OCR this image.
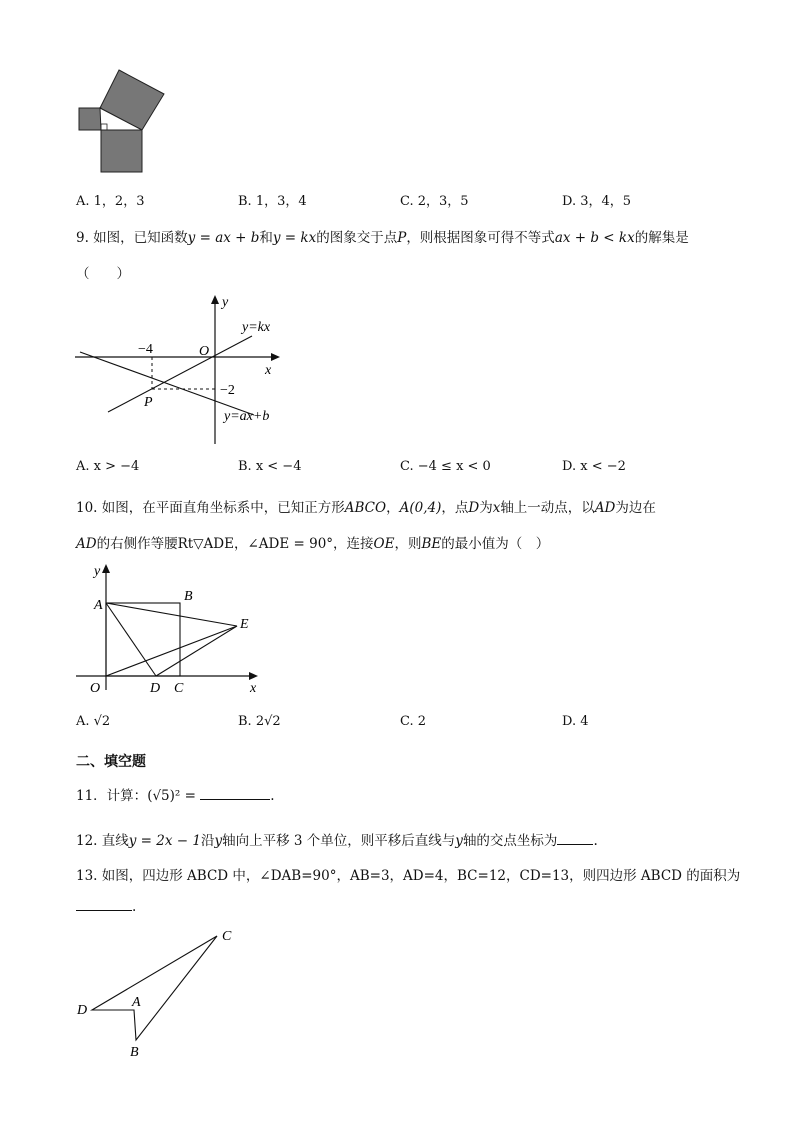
A. 1，2，3	B. 1，3，4	C. 2，3，5	D. 3，4，5
9. 如图，已知函数y = ax + b和y = kx的图象交于点P，则根据图象可得不等式ax + b < kx的解集是
（　　）
y
x
O
−4
−2
P
y=kx
y=ax+b
A. x > −4	B. x < −4	C. −4 ≤ x < 0	D. x < −2
10. 如图，在平面直角坐标系中，已知正方形ABCO，A(0,4)，点D为x轴上一动点，以AD为边在
AD的右侧作等腰Rt▽ADE，∠ADE = 90°，连接OE，则BE的最小值为（　）
y
x
A
B
C
D
E
O
A. √2	B. 2√2	C. 2	D. 4
二、填空题
11．计算：(√5)² =	.
12. 直线y = 2x − 1沿y轴向上平移 3 个单位，则平移后直线与y轴的交点坐标为	.
13. 如图，四边形 ABCD 中，∠DAB=90°，AB=3，AD=4，BC=12，CD=13，则四边形 ABCD 的面积为
.
C
D
A
B
